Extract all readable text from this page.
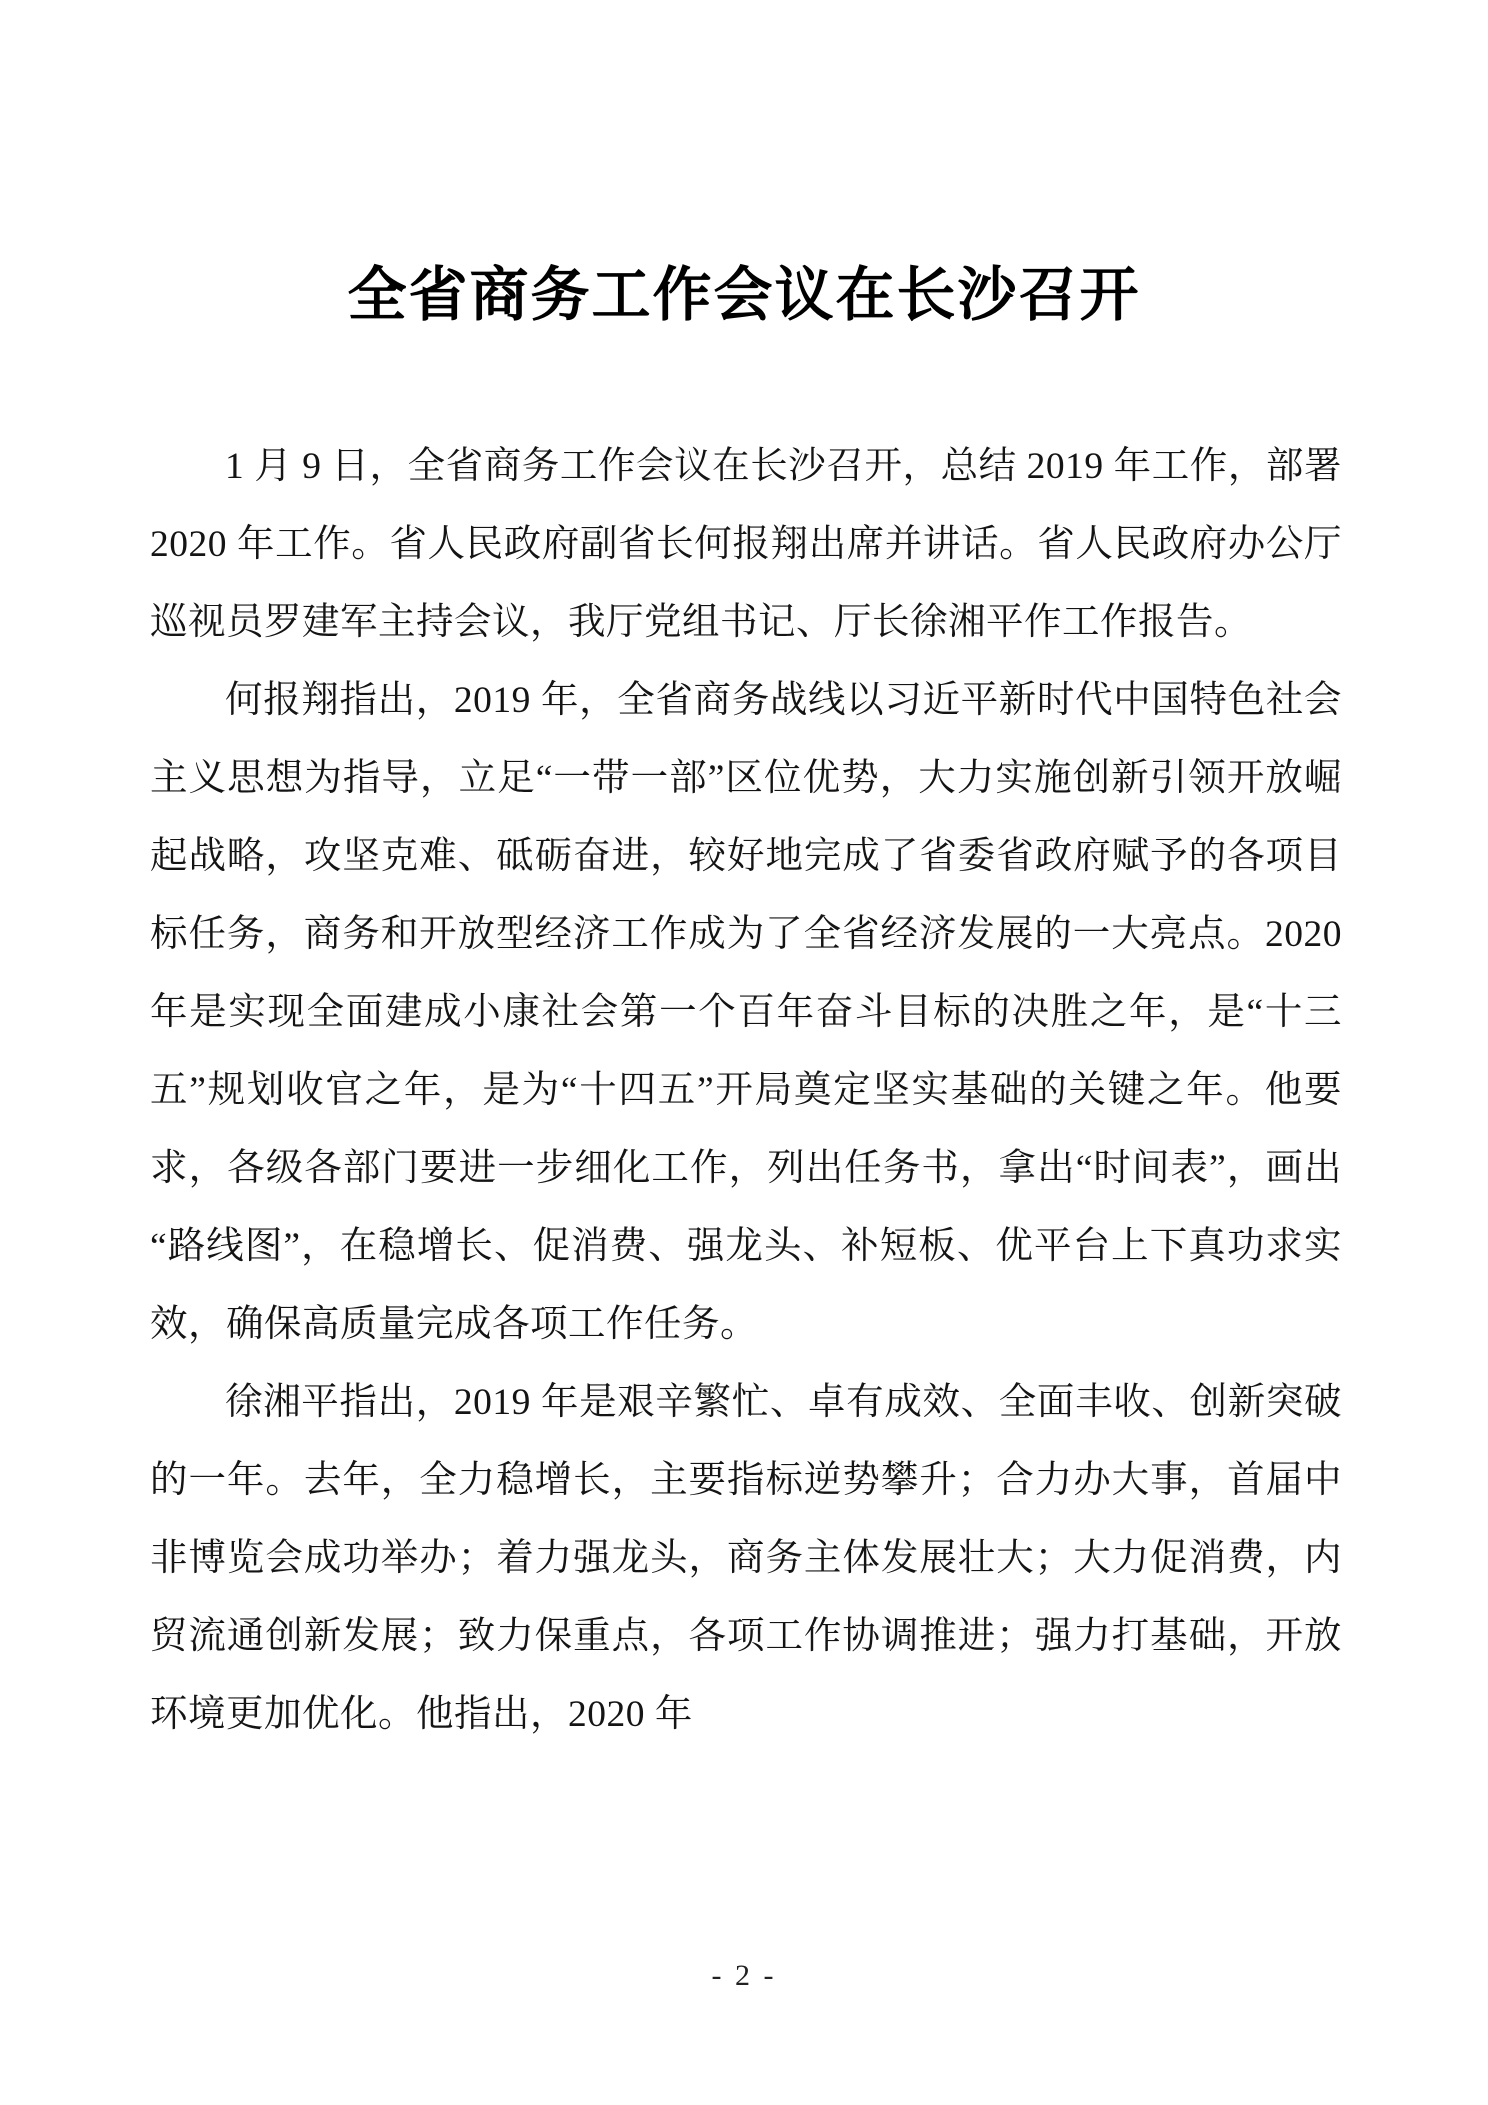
全省商务工作会议在长沙召开

1 月 9 日，全省商务工作会议在长沙召开，总结 2019 年工作，部署 2020 年工作。省人民政府副省长何报翔出席并讲话。省人民政府办公厅巡视员罗建军主持会议，我厅党组书记、厅长徐湘平作工作报告。

何报翔指出，2019 年，全省商务战线以习近平新时代中国特色社会主义思想为指导，立足“一带一部”区位优势，大力实施创新引领开放崛起战略，攻坚克难、砥砺奋进，较好地完成了省委省政府赋予的各项目标任务，商务和开放型经济工作成为了全省经济发展的一大亮点。2020 年是实现全面建成小康社会第一个百年奋斗目标的决胜之年，是“十三五”规划收官之年，是为“十四五”开局奠定坚实基础的关键之年。他要求，各级各部门要进一步细化工作，列出任务书，拿出“时间表”，画出“路线图”，在稳增长、促消费、强龙头、补短板、优平台上下真功求实效，确保高质量完成各项工作任务。

徐湘平指出，2019 年是艰辛繁忙、卓有成效、全面丰收、创新突破的一年。去年，全力稳增长，主要指标逆势攀升；合力办大事，首届中非博览会成功举办；着力强龙头，商务主体发展壮大；大力促消费，内贸流通创新发展；致力保重点，各项工作协调推进；强力打基础，开放环境更加优化。他指出，2020 年

- 2 -
